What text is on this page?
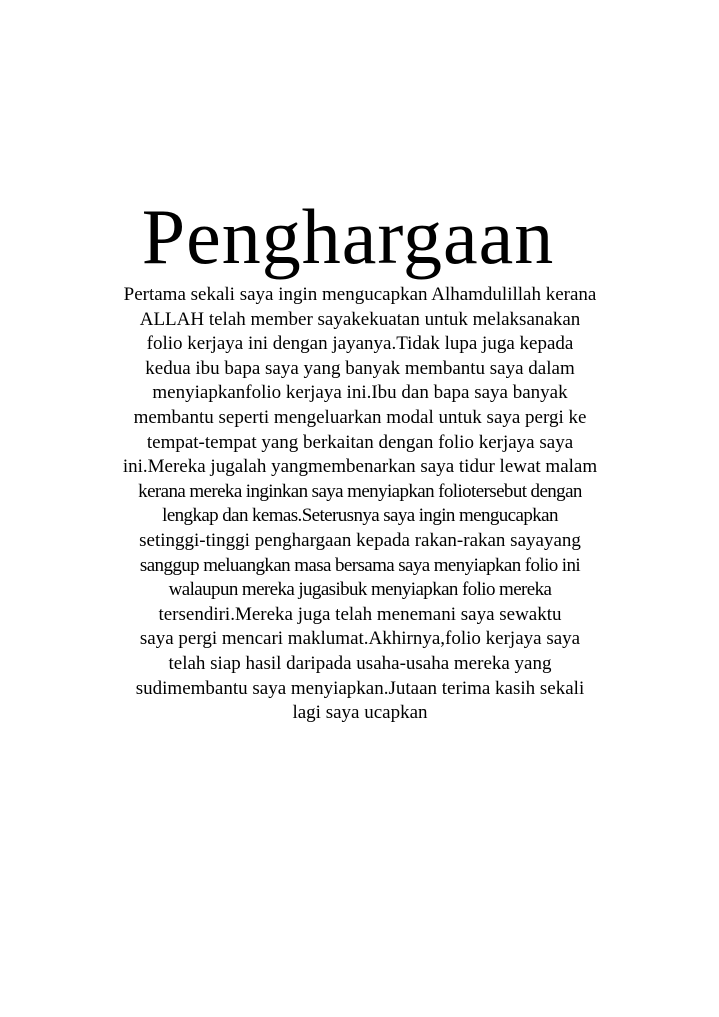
Penghargaan
Pertama sekali saya ingin mengucapkan Alhamdulillah kerana
ALLAH telah member sayakekuatan untuk melaksanakan
folio kerjaya ini dengan jayanya.Tidak lupa juga kepada
kedua ibu bapa saya yang banyak membantu saya dalam
menyiapkanfolio kerjaya ini.Ibu dan bapa saya banyak
membantu seperti mengeluarkan modal untuk saya pergi ke
tempat-tempat yang berkaitan dengan folio kerjaya saya
ini.Mereka jugalah yangmembenarkan saya tidur lewat malam
kerana mereka inginkan saya menyiapkan foliotersebut dengan
lengkap dan kemas.Seterusnya saya ingin mengucapkan
setinggi-tinggi penghargaan kepada rakan-rakan sayayang
sanggup meluangkan masa bersama saya menyiapkan folio ini
walaupun mereka jugasibuk menyiapkan folio mereka
tersendiri.Mereka juga telah menemani saya sewaktu
saya pergi mencari maklumat.Akhirnya,folio kerjaya saya
telah siap hasil daripada usaha-usaha mereka yang
sudimembantu saya menyiapkan.Jutaan terima kasih sekali
lagi saya ucapkan
